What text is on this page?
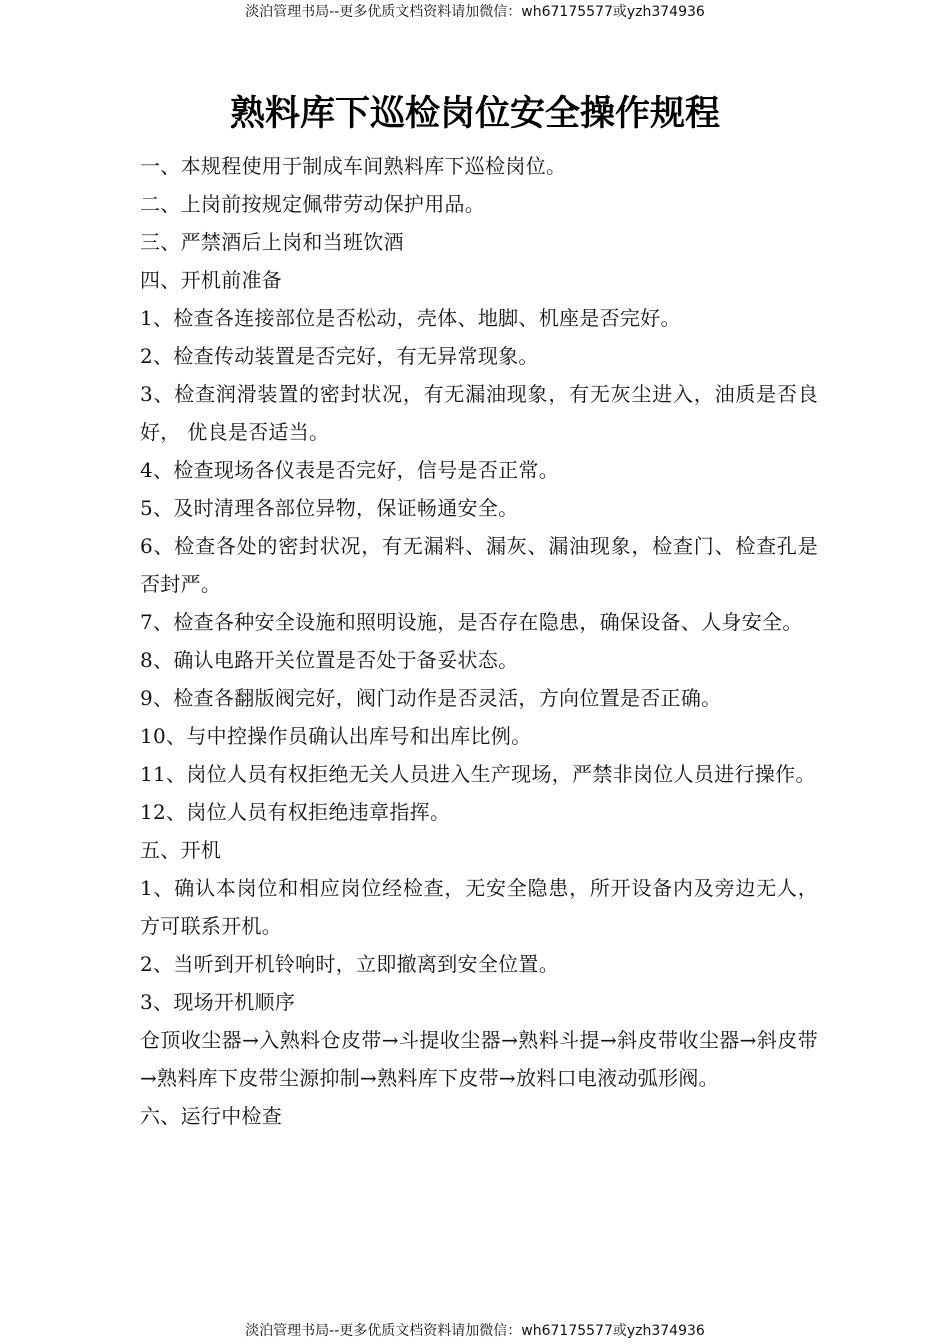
淡泊管理书局--更多优质文档资料请加微信：wh67175577或yzh374936
熟料库下巡检岗位安全操作规程

一、本规程使用于制成车间熟料库下巡检岗位。

二、上岗前按规定佩带劳动保护用品。

三、严禁酒后上岗和当班饮酒

四、开机前准备

1、检查各连接部位是否松动，壳体、地脚、机座是否完好。

2、检查传动装置是否完好，有无异常现象。

3、检查润滑装置的密封状况，有无漏油现象，有无灰尘进入，油质是否良好， 优良是否适当。

4、检查现场各仪表是否完好，信号是否正常。

5、及时清理各部位异物，保证畅通安全。

6、检查各处的密封状况，有无漏料、漏灰、漏油现象，检查门、检查孔是否封严。

7、检查各种安全设施和照明设施，是否存在隐患，确保设备、人身安全。

8、确认电路开关位置是否处于备妥状态。

9、检查各翻版阀完好，阀门动作是否灵活，方向位置是否正确。

10、与中控操作员确认出库号和出库比例。

11、岗位人员有权拒绝无关人员进入生产现场，严禁非岗位人员进行操作。

12、岗位人员有权拒绝违章指挥。

五、开机

1、确认本岗位和相应岗位经检查，无安全隐患，所开设备内及旁边无人，方可联系开机。

2、当听到开机铃响时，立即撤离到安全位置。

3、现场开机顺序

仓顶收尘器→入熟料仓皮带→斗提收尘器→熟料斗提→斜皮带收尘器→斜皮带→熟料库下皮带尘源抑制→熟料库下皮带→放料口电液动弧形阀。

六、运行中检查

淡泊管理书局--更多优质文档资料请加微信：wh67175577或yzh374936
